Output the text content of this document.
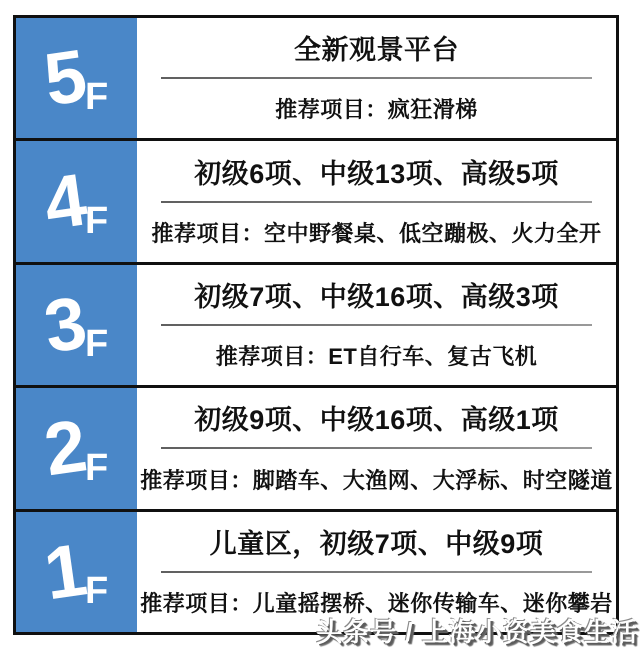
5
F
全新观景平台
推荐项目：疯狂滑梯
4
F
初级6项、中级13项、高级5项
推荐项目：空中野餐桌、低空蹦极、火力全开
3
F
初级7项、中级16项、高级3项
推荐项目：ET自行车、复古飞机
2
F
初级9项、中级16项、高级1项
推荐项目：脚踏车、大渔网、大浮标、时空隧道
1
F
儿童区，初级7项、中级9项
推荐项目：儿童摇摆桥、迷你传输车、迷你攀岩
头条号 / 上海小资美食生活
